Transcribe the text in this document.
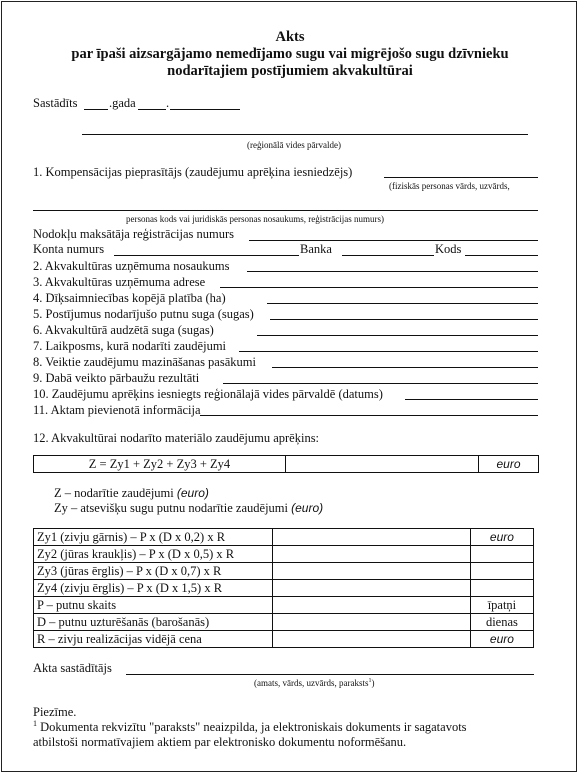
Akts
par īpaši aizsargājamo nemedījamo sugu vai migrējošo sugu dzīvnieku
nodarītajiem postījumiem akvakultūrai
Sastādīts	.gada .
(reģionālā vides pārvalde)
1. Kompensācijas pieprasītājs (zaudējumu aprēķina iesniedzējs)
(fiziskās personas vārds, uzvārds,
personas kods vai juridiskās personas nosaukums, reģistrācijas numurs)
Nodokļu maksātāja reģistrācijas numurs
Konta numurs	Banka	Kods
2. Akvakultūras uzņēmuma nosaukums
3. Akvakultūras uzņēmuma adrese
4. Dīķsaimniecības kopējā platība (ha)
5. Postījumus nodarījušo putnu suga (sugas)
6. Akvakultūrā audzētā suga (sugas)
7. Laikposms, kurā nodarīti zaudējumi
8. Veiktie zaudējumu mazināšanas pasākumi
9. Dabā veikto pārbaužu rezultāti
10. Zaudējumu aprēķins iesniegts reģionālajā vides pārvaldē (datums)
11. Aktam pievienotā informācija
12. Akvakultūrai nodarīto materiālo zaudējumu aprēķins:
Z = Zy1 + Zy2 + Zy3 + Zy4		euro
Z – nodarītie zaudējumi (euro)
Zy – atsevišķu sugu putnu nodarītie zaudējumi (euro)
Zy1 (zivju gārnis) – P x (D x 0,2) x R		euro
Zy2 (jūras kraukļis) – P x (D x 0,5) x R		
Zy3 (jūras ērglis) – P x (D x 0,7) x R		
Zy4 (zivju ērglis) – P x (D x 1,5) x R		
P – putnu skaits		īpatņi
D – putnu uzturēšanās (barošanās)		dienas
R – zivju realizācijas vidējā cena		euro
Akta sastādītājs
(amats, vārds, uzvārds, paraksts$^1$)
Piezīme.
$^1$ Dokumenta rekvizītu "paraksts" neaizpilda, ja elektroniskais dokuments ir sagatavots
atbilstoši normatīvajiem aktiem par elektronisko dokumentu noformēšanu.
